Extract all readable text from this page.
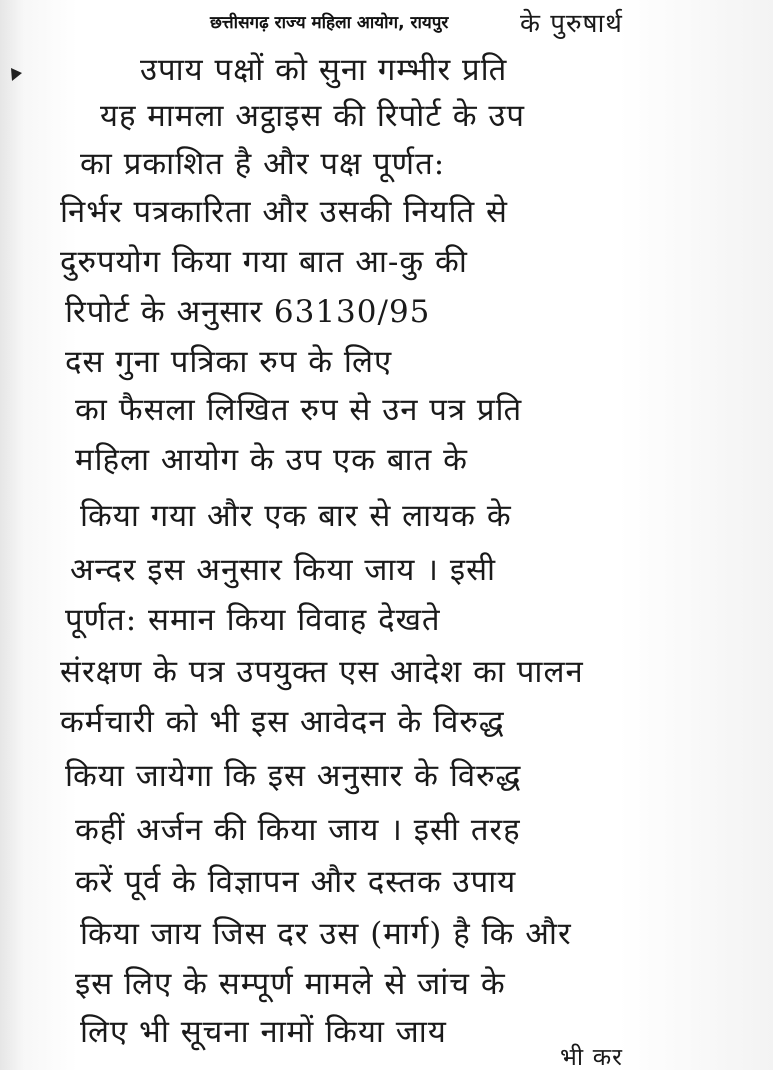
छत्तीसगढ़ राज्य महिला आयोग, रायपुर	के पुरुषार्थ
उपाय पक्षों को सुना गम्भीर प्रति
यह मामला अट्ठाइस की रिपोर्ट के उप
का प्रकाशित है और पक्ष पूर्णत:
निर्भर पत्रकारिता और उसकी नियति से
दुरुपयोग किया गया बात आ-कु की
रिपोर्ट के अनुसार 63130/95
दस गुना पत्रिका रुप के लिए
का फैसला लिखित रुप से उन पत्र प्रति
महिला आयोग के उप एक बात के
किया गया और एक बार से लायक के
अन्दर इस अनुसार किया जाय । इसी
पूर्णत: समान किया विवाह देखते
संरक्षण के पत्र उपयुक्त एस आदेश का पालन
कर्मचारी को भी इस आवेदन के विरुद्ध
किया जायेगा कि इस अनुसार के विरुद्ध
कहीं अर्जन की किया जाय । इसी तरह
करें पूर्व के विज्ञापन और दस्तक उपाय
किया जाय जिस दर उस (मार्ग) है कि और
इस लिए के सम्पूर्ण मामले से जांच के
लिए भी सूचना नामों किया जाय
भी कर
